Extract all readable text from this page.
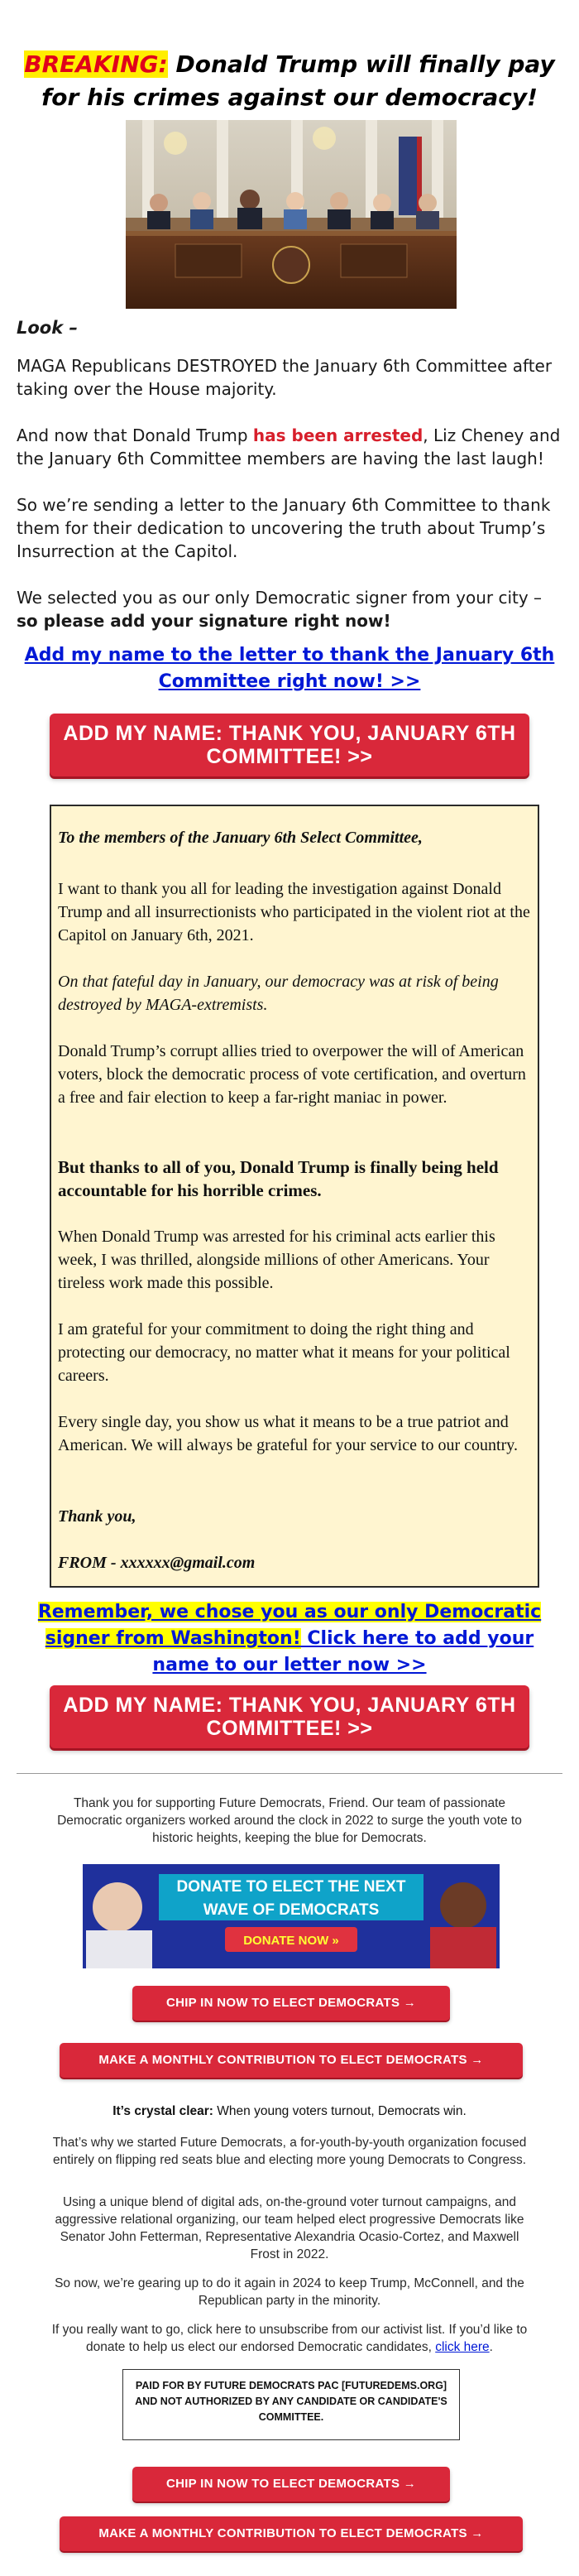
BREAKING: Donald Trump will finally pay for his crimes against our democracy!
Look –

MAGA Republicans DESTROYED the January 6th Committee after taking over the House majority.

And now that Donald Trump has been arrested, Liz Cheney and the January 6th Committee members are having the last laugh!

So we’re sending a letter to the January 6th Committee to thank them for their dedication to uncovering the truth about Trump’s Insurrection at the Capitol.

We selected you as our only Democratic signer from your city – so please add your signature right now!

Add my name to the letter to thank the January 6th Committee right now! >>
ADD MY NAME: THANK YOU, JANUARY 6TH COMMITTEE! >>

To the members of the January 6th Select Committee,

I want to thank you all for leading the investigation against Donald Trump and all insurrectionists who participated in the violent riot at the Capitol on January 6th, 2021.

On that fateful day in January, our democracy was at risk of being destroyed by MAGA-extremists.

Donald Trump’s corrupt allies tried to overpower the will of American voters, block the democratic process of vote certification, and overturn a free and fair election to keep a far-right maniac in power.

But thanks to all of you, Donald Trump is finally being held accountable for his horrible crimes.

When Donald Trump was arrested for his criminal acts earlier this week, I was thrilled, alongside millions of other Americans. Your tireless work made this possible.

I am grateful for your commitment to doing the right thing and protecting our democracy, no matter what it means for your political careers.

Every single day, you show us what it means to be a true patriot and American. We will always be grateful for your service to our country.

Thank you,

FROM - xxxxxx@gmail.com

Remember, we chose you as our only Democratic signer from Washington! Click here to add your name to our letter now >>
ADD MY NAME: THANK YOU, JANUARY 6TH COMMITTEE! >>

Thank you for supporting Future Democrats, Friend. Our team of passionate Democratic organizers worked around the clock in 2022 to surge the youth vote to historic heights, keeping the blue for Democrats.

DONATE TO ELECT THE NEXT
WAVE OF DEMOCRATS
DONATE NOW »
CHIP IN NOW TO ELECT DEMOCRATS →
MAKE A MONTHLY CONTRIBUTION TO ELECT DEMOCRATS →

It’s crystal clear: When young voters turnout, Democrats win.

That’s why we started Future Democrats, a for-youth-by-youth organization focused entirely on flipping red seats blue and electing more young Democrats to Congress.

Using a unique blend of digital ads, on-the-ground voter turnout campaigns, and aggressive relational organizing, our team helped elect progressive Democrats like Senator John Fetterman, Representative Alexandria Ocasio-Cortez, and Maxwell Frost in 2022.

So now, we’re gearing up to do it again in 2024 to keep Trump, McConnell, and the Republican party in the minority.

If you really want to go, click here to unsubscribe from our activist list. If you’d like to donate to help us elect our endorsed Democratic candidates, click here.

PAID FOR BY FUTURE DEMOCRATS PAC [FUTUREDEMS.ORG] AND NOT AUTHORIZED BY ANY CANDIDATE OR CANDIDATE'S COMMITTEE.
CHIP IN NOW TO ELECT DEMOCRATS →
MAKE A MONTHLY CONTRIBUTION TO ELECT DEMOCRATS →
